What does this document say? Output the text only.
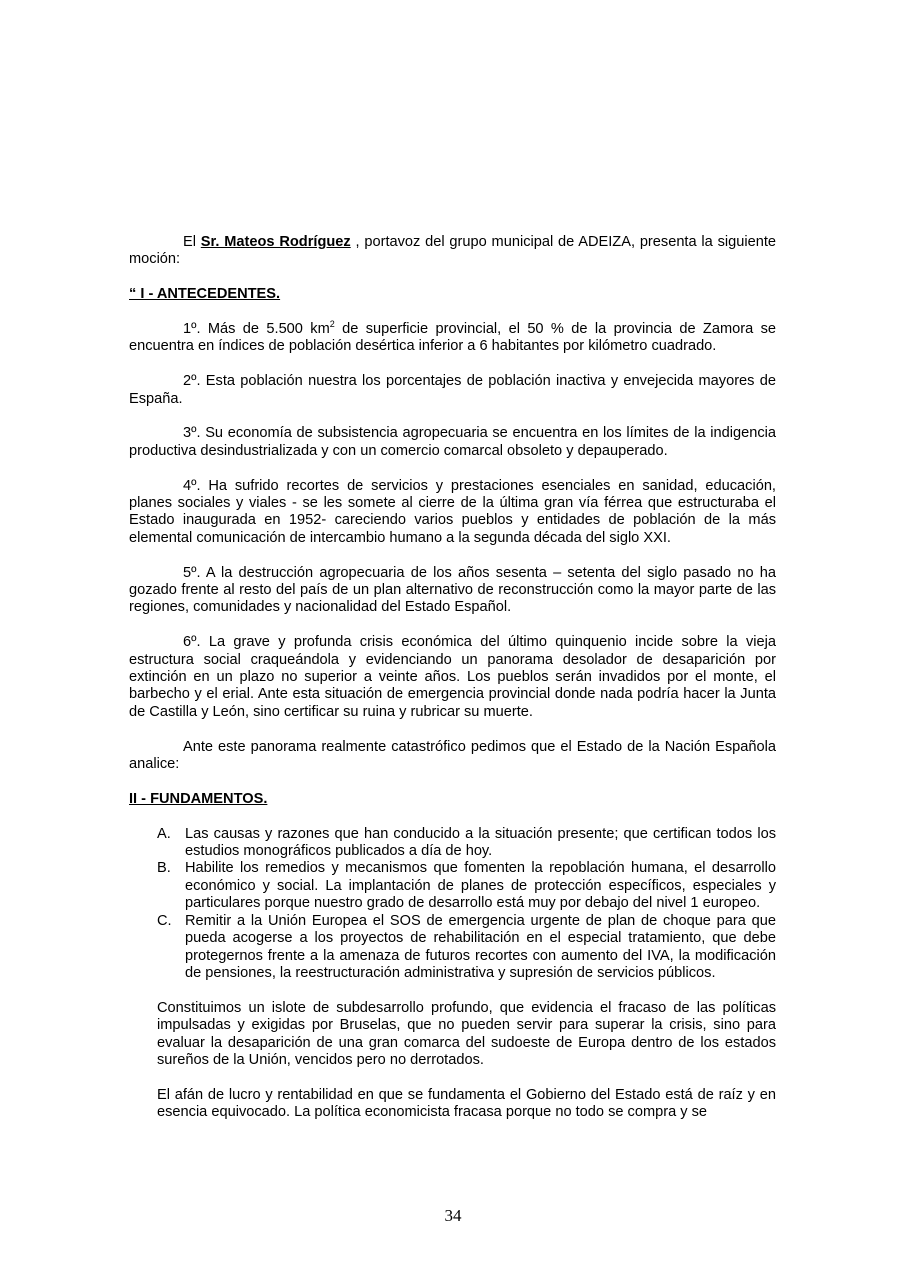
El Sr. Mateos Rodríguez , portavoz del grupo municipal de ADEIZA, presenta la siguiente moción:

“ I - ANTECEDENTES.

1º. Más de 5.500 $km^2$ de superficie provincial, el 50 % de la provincia de Zamora se encuentra en índices de población desértica inferior a 6 habitantes por kilómetro cuadrado.

2º. Esta población nuestra los porcentajes de población inactiva y envejecida mayores de España.

3º. Su economía de subsistencia agropecuaria se encuentra en los límites de la indigencia productiva desindustrializada y con un comercio comarcal obsoleto y depauperado.

4º. Ha sufrido recortes de servicios y prestaciones esenciales en sanidad, educación, planes sociales y viales - se les somete al cierre de la última gran vía férrea que estructuraba el Estado inaugurada en 1952- careciendo varios pueblos y entidades de población de la más elemental comunicación de intercambio humano a la segunda década del siglo XXI.

5º. A la destrucción agropecuaria de los años sesenta – setenta del siglo pasado no ha gozado frente al resto del país de un plan alternativo de reconstrucción como la mayor parte de las regiones, comunidades y nacionalidad del Estado Español.

6º. La grave y profunda crisis económica del último quinquenio incide sobre la vieja estructura social craqueándola y evidenciando un panorama desolador de desaparición por extinción en un plazo no superior a veinte años. Los pueblos serán invadidos por el monte, el barbecho y el erial. Ante esta situación de emergencia provincial donde nada podría hacer la Junta de Castilla y León, sino certificar su ruina y rubricar su muerte.

Ante este panorama realmente catastrófico pedimos que el Estado de la Nación Española analice:

II - FUNDAMENTOS.

A. Las causas y razones que han conducido a la situación presente; que certifican todos los estudios monográficos publicados a día de hoy.
B. Habilite los remedios y mecanismos que fomenten la repoblación humana, el desarrollo económico y social. La implantación de planes de protección específicos, especiales y particulares porque nuestro grado de desarrollo está muy por debajo del nivel 1 europeo.
C. Remitir a la Unión Europea el SOS de emergencia urgente de plan de choque para que pueda acogerse a los proyectos de rehabilitación en el especial tratamiento, que debe protegernos frente a la amenaza de futuros recortes con aumento del IVA, la modificación de pensiones, la reestructuración administrativa y supresión de servicios públicos.

Constituimos un islote de subdesarrollo profundo, que evidencia el fracaso de las políticas impulsadas y exigidas por Bruselas, que no pueden servir para superar la crisis, sino para evaluar la desaparición de una gran comarca del sudoeste de Europa dentro de los estados sureños de la Unión, vencidos pero no derrotados.

El afán de lucro y rentabilidad en que se fundamenta el Gobierno del Estado está de raíz y en esencia equivocado. La política economicista fracasa porque no todo se compra y se

34
